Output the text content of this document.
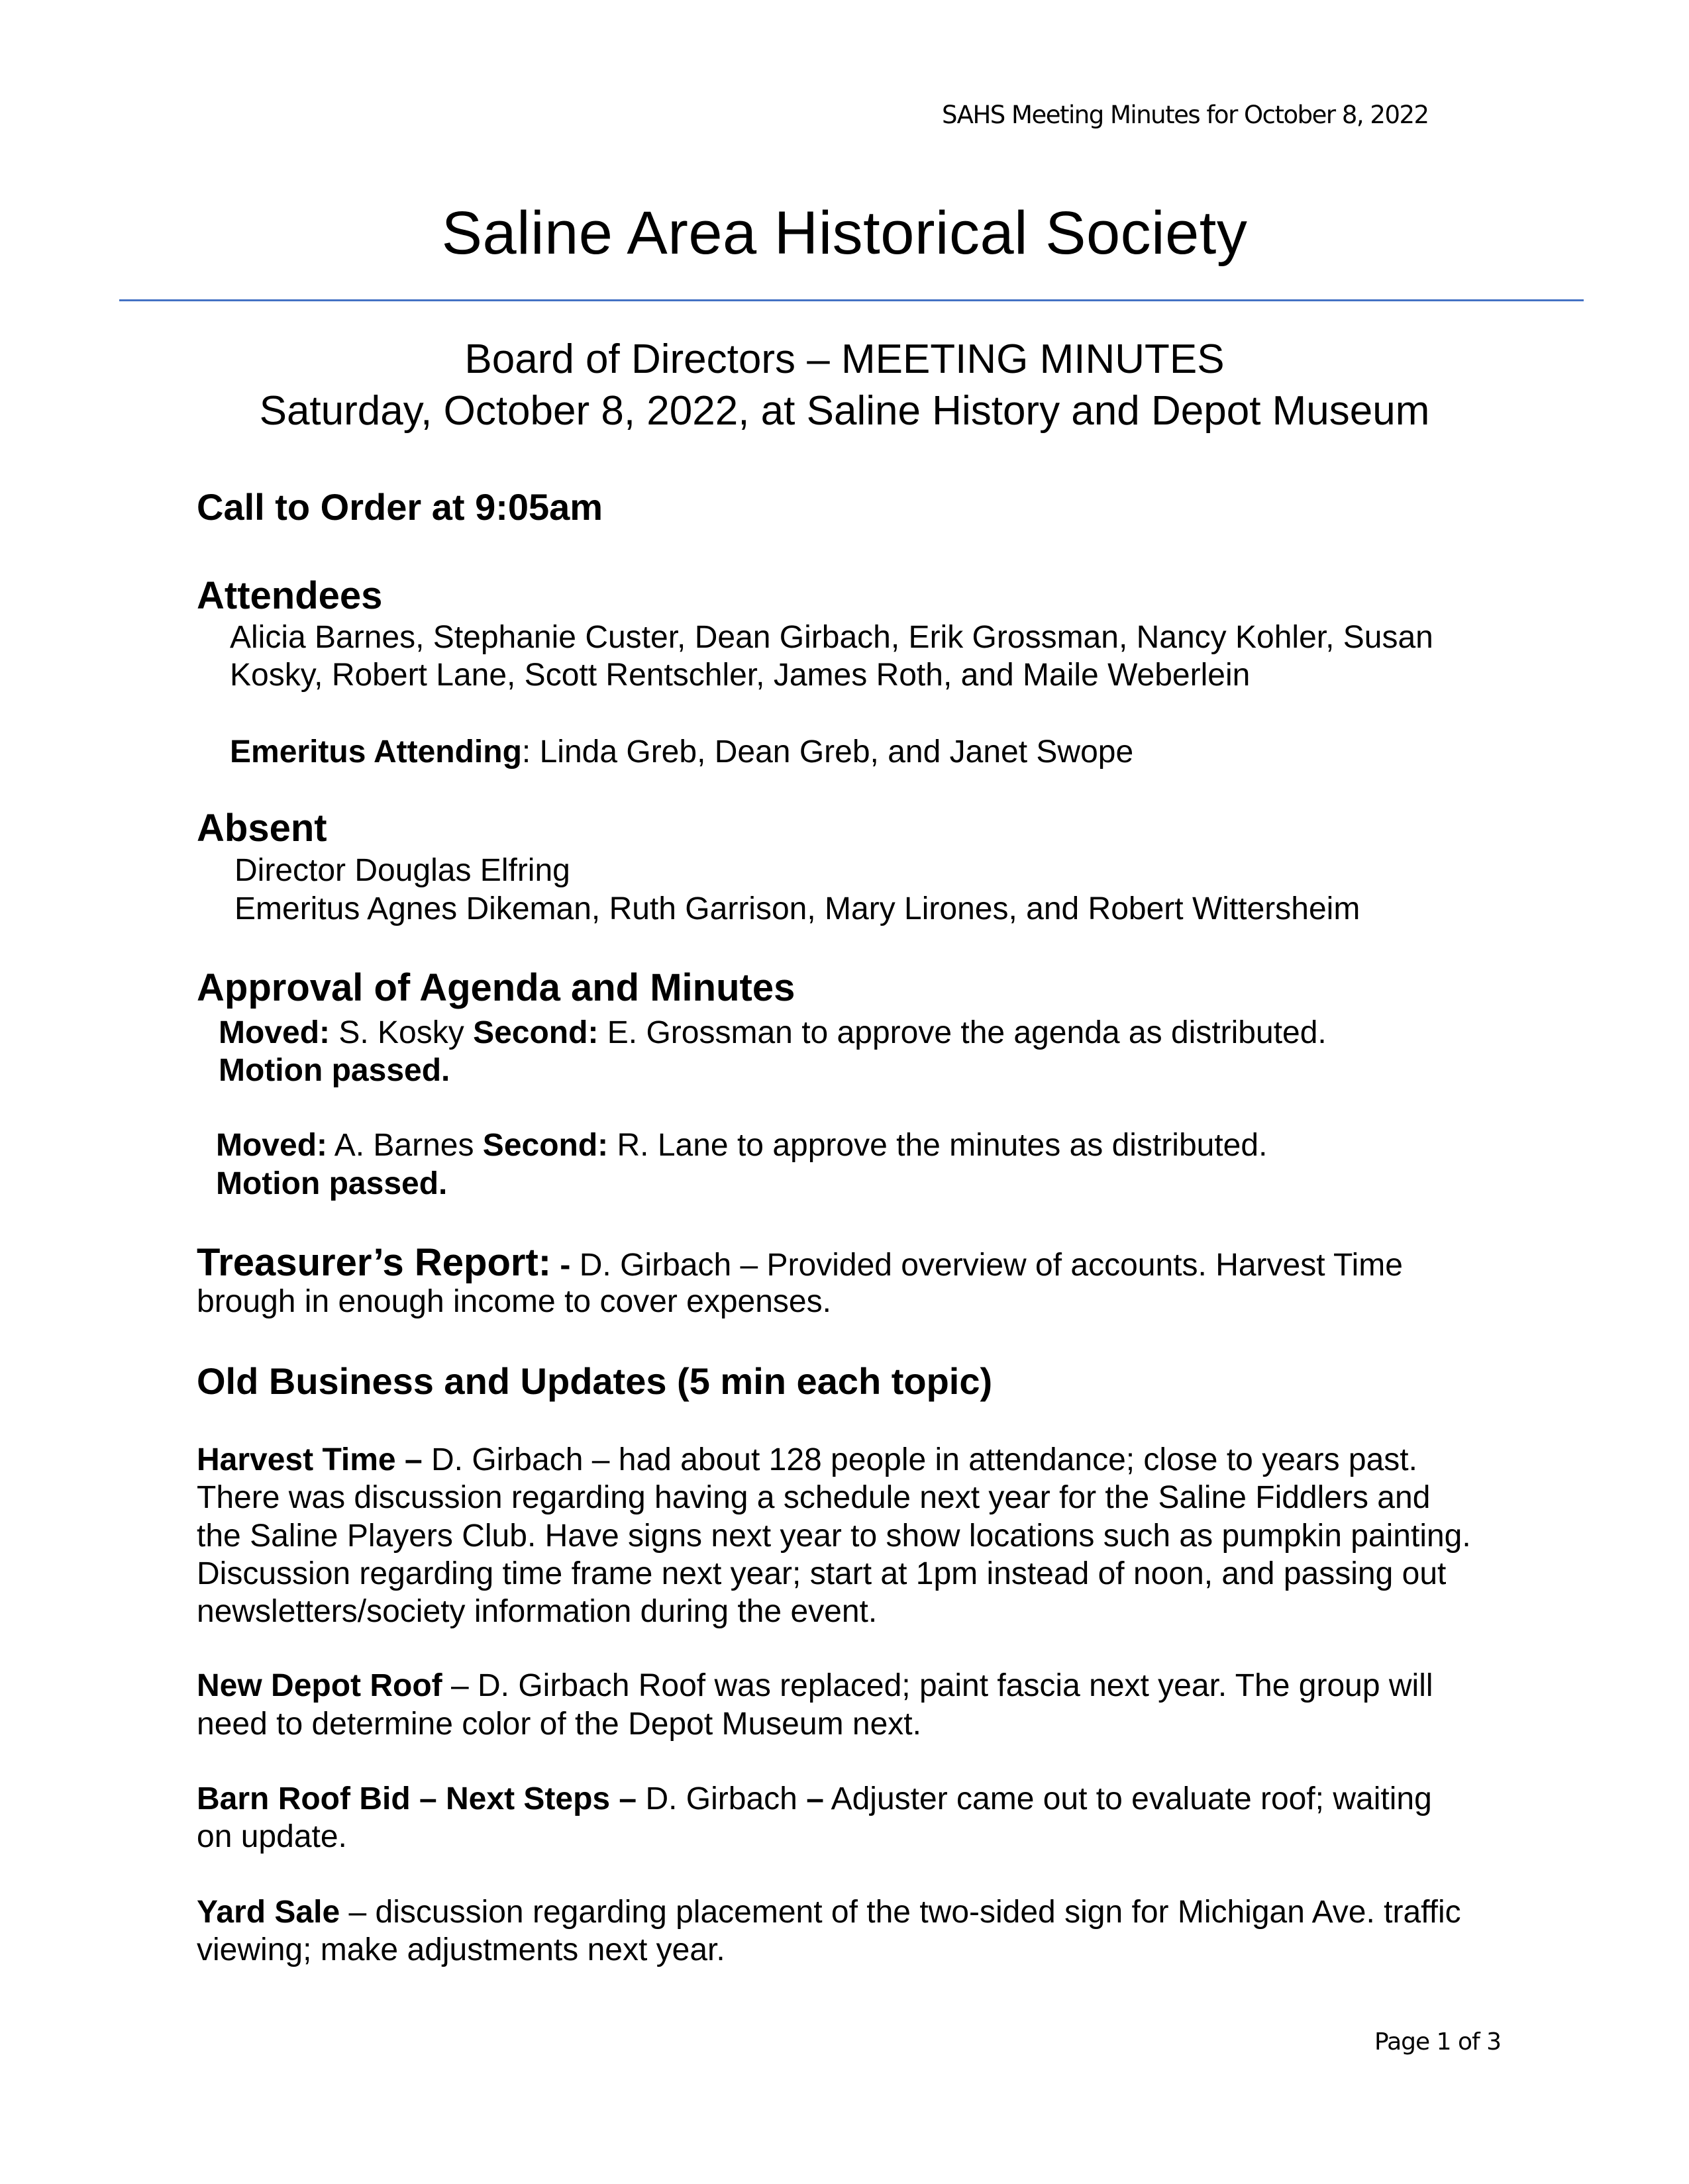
SAHS Meeting Minutes for October 8, 2022
Saline Area Historical Society
Board of Directors – MEETING MINUTES
Saturday, October 8, 2022, at Saline History and Depot Museum
Call to Order at 9:05am
Attendees
Alicia Barnes, Stephanie Custer, Dean Girbach, Erik Grossman, Nancy Kohler, Susan
Kosky, Robert Lane, Scott Rentschler, James Roth, and Maile Weberlein
Emeritus Attending: Linda Greb, Dean Greb, and Janet Swope
Absent
Director Douglas Elfring
Emeritus Agnes Dikeman, Ruth Garrison, Mary Lirones, and Robert Wittersheim
Approval of Agenda and Minutes
Moved: S. Kosky Second: E. Grossman to approve the agenda as distributed.
Motion passed.
Moved: A. Barnes Second: R. Lane to approve the minutes as distributed.
Motion passed.
Treasurer’s Report: - D. Girbach – Provided overview of accounts. Harvest Time
brough in enough income to cover expenses.
Old Business and Updates (5 min each topic)
Harvest Time – D. Girbach – had about 128 people in attendance; close to years past.
There was discussion regarding having a schedule next year for the Saline Fiddlers and
the Saline Players Club. Have signs next year to show locations such as pumpkin painting.
Discussion regarding time frame next year; start at 1pm instead of noon, and passing out
newsletters/society information during the event.
New Depot Roof – D. Girbach Roof was replaced; paint fascia next year. The group will
need to determine color of the Depot Museum next.
Barn Roof Bid – Next Steps – D. Girbach – Adjuster came out to evaluate roof; waiting
on update.
Yard Sale – discussion regarding placement of the two-sided sign for Michigan Ave. traffic
viewing; make adjustments next year.
Page 1 of 3
